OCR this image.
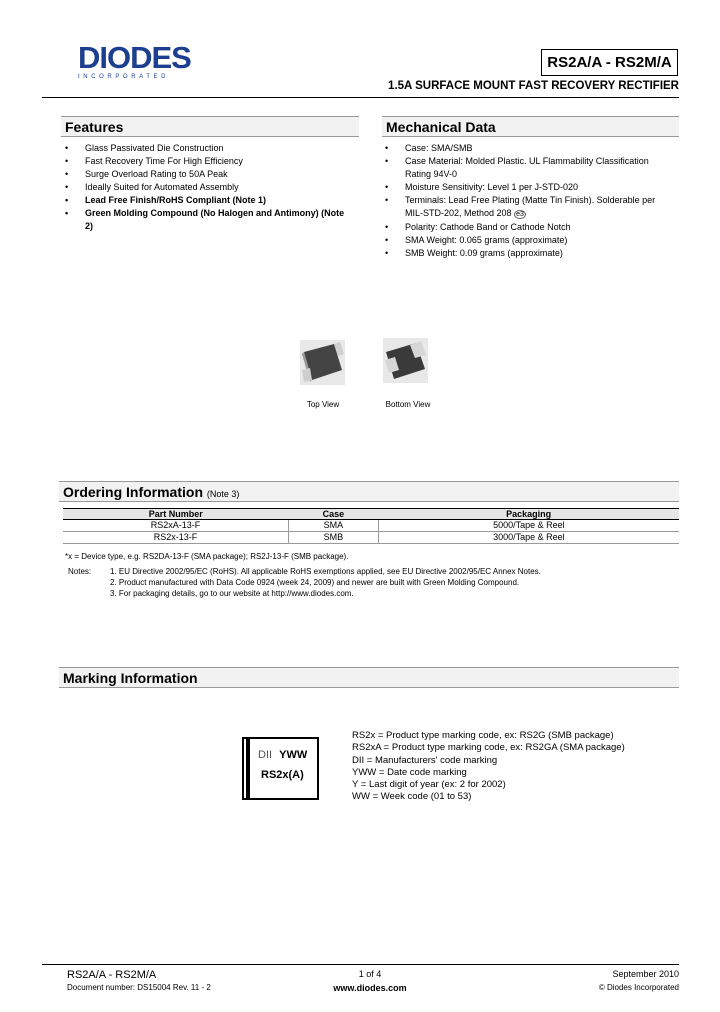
DIODES
INCORPORATED
RS2A/A - RS2M/A
1.5A SURFACE MOUNT FAST RECOVERY RECTIFIER
Features
• Glass Passivated Die Construction
• Fast Recovery Time For High Efficiency
• Surge Overload Rating to 50A Peak
• Ideally Suited for Automated Assembly
• Lead Free Finish/RoHS Compliant (Note 1)
• Green Molding Compound (No Halogen and Antimony) (Note 2)
Mechanical Data
• Case: SMA/SMB
• Case Material: Molded Plastic. UL Flammability Classification Rating 94V-0
• Moisture Sensitivity: Level 1 per J-STD-020
• Terminals: Lead Free Plating (Matte Tin Finish). Solderable per MIL-STD-202, Method 208 e3
• Polarity: Cathode Band or Cathode Notch
• SMA Weight: 0.065 grams (approximate)
• SMB Weight: 0.09 grams (approximate)
Top View	Bottom View
Ordering Information (Note 3)
Part Number	Case	Packaging
RS2xA-13-F	SMA	5000/Tape & Reel
RS2x-13-F	SMB	3000/Tape & Reel
*x = Device type, e.g. RS2DA-13-F (SMA package); RS2J-13-F (SMB package).
Notes: 1. EU Directive 2002/95/EC (RoHS). All applicable RoHS exemptions applied, see EU Directive 2002/95/EC Annex Notes.
2. Product manufactured with Data Code 0924 (week 24, 2009) and newer are built with Green Molding Compound.
3. For packaging details, go to our website at http://www.diodes.com.
Marking Information
DII YWW
RS2x(A)
RS2x = Product type marking code, ex: RS2G (SMB package)
RS2xA = Product type marking code, ex: RS2GA (SMA package)
DII = Manufacturers' code marking
YWW = Date code marking
Y = Last digit of year (ex: 2 for 2002)
WW = Week code (01 to 53)
RS2A/A - RS2M/A
Document number: DS15004 Rev. 11 - 2
1 of 4
www.diodes.com
September 2010
© Diodes Incorporated
